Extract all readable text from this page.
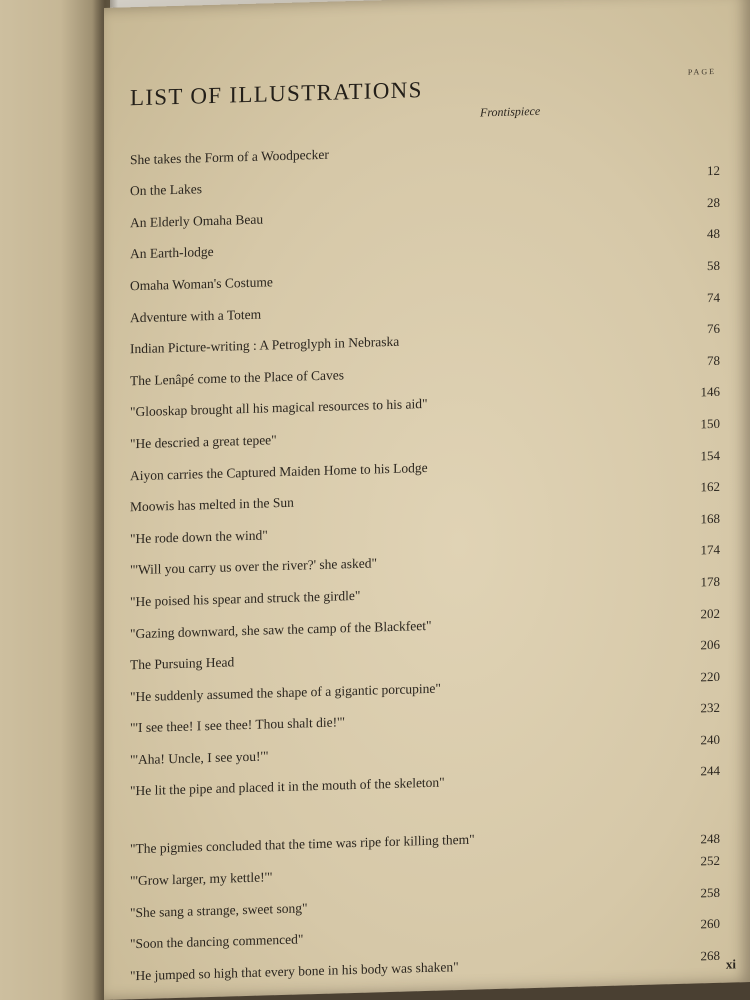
LIST OF ILLUSTRATIONS
PAGE
She takes the Form of a Woodpecker
Frontispiece
On the Lakes
12
An Elderly Omaha Beau
28
An Earth-lodge
48
Omaha Woman's Costume
58
Adventure with a Totem
74
Indian Picture-writing : A Petroglyph in Nebraska
76
The Lenâpé come to the Place of Caves
78
"Glooskap brought all his magical resources to his aid"
146
"He descried a great tepee"
150
Aiyon carries the Captured Maiden Home to his Lodge
154
Moowis has melted in the Sun
162
"He rode down the wind"
168
"'Will you carry us over the river?' she asked"
174
"He poised his spear and struck the girdle"
178
"Gazing downward, she saw the camp of the Blackfeet"
202
The Pursuing Head
206
"He suddenly assumed the shape of a gigantic porcupine"
220
"'I see thee! I see thee! Thou shalt die!'"
232
"'Aha! Uncle, I see you!'"
240
"He lit the pipe and placed it in the mouth of the skeleton"
244
"The pigmies concluded that the time was ripe for killing them"	248
"'Grow larger, my kettle!'"
252
"She sang a strange, sweet song"
258
"Soon the dancing commenced"
260
"He jumped so high that every bone in his body was shaken"
268
xi
